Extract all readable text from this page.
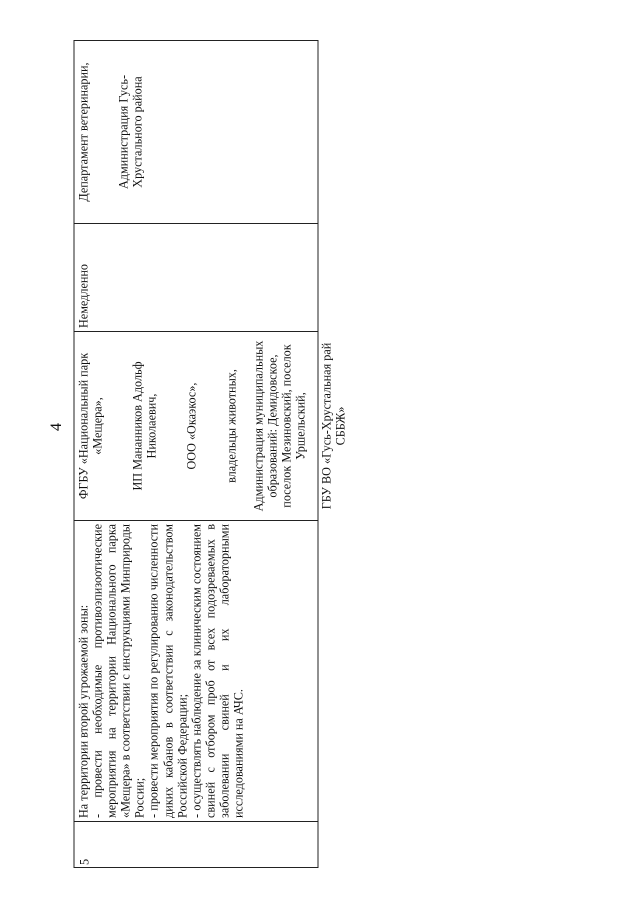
4
5

На территории второй угрожаемой зоны: - провести необходимые противоэпизоотические мероприятия на территории Национального парка «Мещера» в соответствии с инструкциями Минприроды России; - провести мероприятия по регулированию численности диких кабанов в соответствии с законодательством Российской Федерации; - осуществлять наблюдение за клиническим состоянием свиней с отбором проб от всех подозреваемых в заболевании свиней и их лабораторными исследованиями на АЧС.

ФГБУ «Национальный парк «Мещера», ИП Мананников Адольф Николаевич, ООО «Окаэкос», владельцы животных, Администрация муниципальных образований: Демидовское, поселок Мезиновский, поселок Уршельский, ГБУ ВО «Гусь-Хрустальная рай СББЖ»

Немедленно

Департамент ветеринарии, Администрация Гусь-Хрустального района
